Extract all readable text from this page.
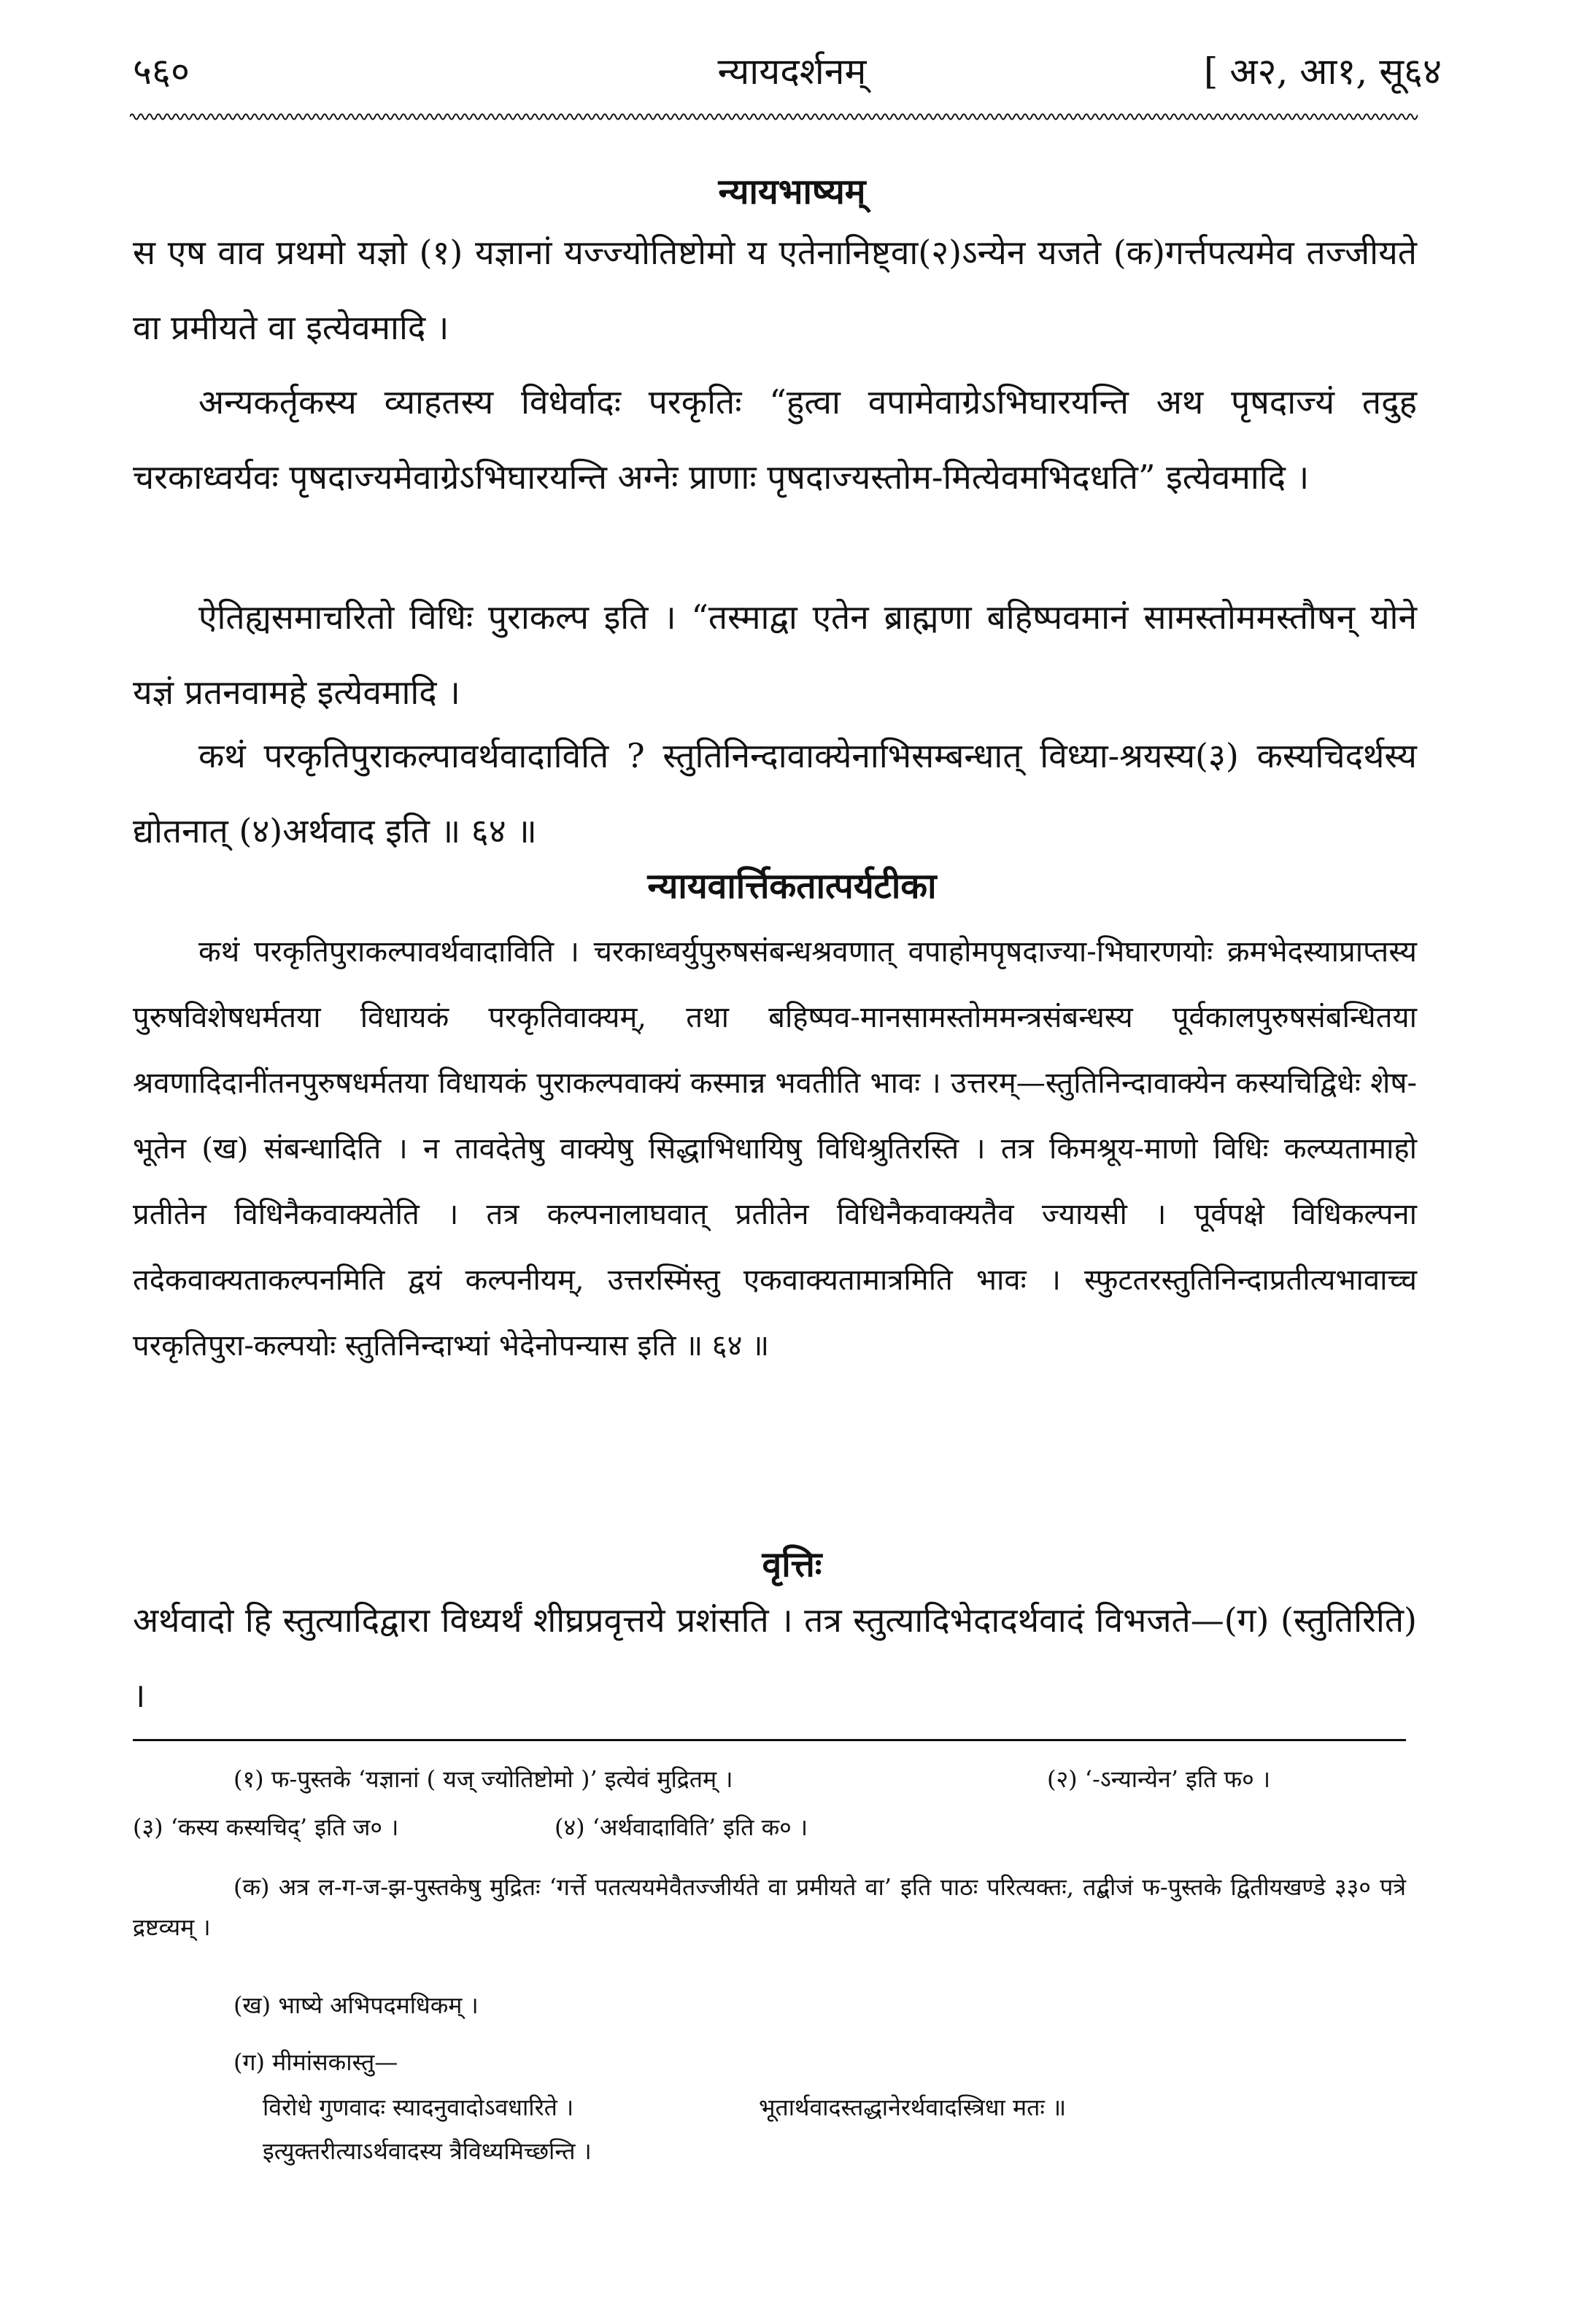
५६०	न्यायदर्शनम्	[ अ२, आ१, सू६४
न्यायभाष्यम्
स एष वाव प्रथमो यज्ञो (१) यज्ञानां यज्ज्योतिष्टोमो य एतेनानिष्ट्वा(२)ऽन्येन यजते (क)गर्त्तपत्यमेव तज्जीयते वा प्रमीयते वा इत्येवमादि ।
अन्यकर्तृकस्य व्याहतस्य विधेर्वादः परकृतिः “हुत्वा वपामेवाग्रेऽभिघारयन्ति अथ पृषदाज्यं तदुह चरकाध्वर्यवः पृषदाज्यमेवाग्रेऽभिघारयन्ति अग्नेः प्राणाः पृषदाज्यस्तोम-मित्येवमभिदधति” इत्येवमादि ।
ऐतिह्यसमाचरितो विधिः पुराकल्प इति । “तस्माद्वा एतेन ब्राह्मणा बहिष्पवमानं सामस्तोममस्तौषन् योने यज्ञं प्रतनवामहे इत्येवमादि ।
कथं परकृतिपुराकल्पावर्थवादाविति ? स्तुतिनिन्दावाक्येनाभिसम्बन्धात् विध्या-श्रयस्य(३) कस्यचिदर्थस्य द्योतनात् (४)अर्थवाद इति ॥ ६४ ॥
न्यायवार्त्तिकतात्पर्यटीका
कथं परकृतिपुराकल्पावर्थवादाविति । चरकाध्वर्युपुरुषसंबन्धश्रवणात् वपाहोमपृषदाज्या-भिघारणयोः क्रमभेदस्याप्राप्तस्य पुरुषविशेषधर्मतया विधायकं परकृतिवाक्यम्, तथा बहिष्पव-मानसामस्तोममन्त्रसंबन्धस्य पूर्वकालपुरुषसंबन्धितया श्रवणादिदानींतनपुरुषधर्मतया विधायकं पुराकल्पवाक्यं कस्मान्न भवतीति भावः । उत्तरम्—स्तुतिनिन्दावाक्येन कस्यचिद्विधेः शेष-भूतेन (ख) संबन्धादिति । न तावदेतेषु वाक्येषु सिद्धाभिधायिषु विधिश्रुतिरस्ति । तत्र किमश्रूय-माणो विधिः कल्प्यतामाहो प्रतीतेन विधिनैकवाक्यतेति । तत्र कल्पनालाघवात् प्रतीतेन विधिनैकवाक्यतैव ज्यायसी । पूर्वपक्षे विधिकल्पना तदेकवाक्यताकल्पनमिति द्वयं कल्पनीयम्, उत्तरस्मिंस्तु एकवाक्यतामात्रमिति भावः । स्फुटतरस्तुतिनिन्दाप्रतीत्यभावाच्च परकृतिपुरा-कल्पयोः स्तुतिनिन्दाभ्यां भेदेनोपन्यास इति ॥ ६४ ॥
वृत्तिः
अर्थवादो हि स्तुत्यादिद्वारा विध्यर्थं शीघ्रप्रवृत्तये प्रशंसति । तत्र स्तुत्यादिभेदादर्थवादं विभजते—(ग) (स्तुतिरिति) ।
(१) फ-पुस्तके ‘यज्ञानां ( यज् ज्योतिष्टोमो )’ इत्येवं मुद्रितम् ।	(२) ‘-ऽन्यान्येन’ इति फ० ।
(३) ‘कस्य कस्यचिद्’ इति ज० ।	(४) ‘अर्थवादाविति’ इति क० ।
(क) अत्र ल-ग-ज-झ-पुस्तकेषु मुद्रितः ‘गर्त्ते पतत्ययमेवैतज्जीर्यते वा प्रमीयते वा’ इति पाठः परित्यक्तः, तद्बीजं फ-पुस्तके द्वितीयखण्डे ३३० पत्रे द्रष्टव्यम् ।
(ख) भाष्ये अभिपदमधिकम् ।
(ग) मीमांसकास्तु—
विरोधे गुणवादः स्यादनुवादोऽवधारिते ।	भूतार्थवादस्तद्धानेरर्थवादस्त्रिधा मतः ॥
इत्युक्तरीत्याऽर्थवादस्य त्रैविध्यमिच्छन्ति ।
